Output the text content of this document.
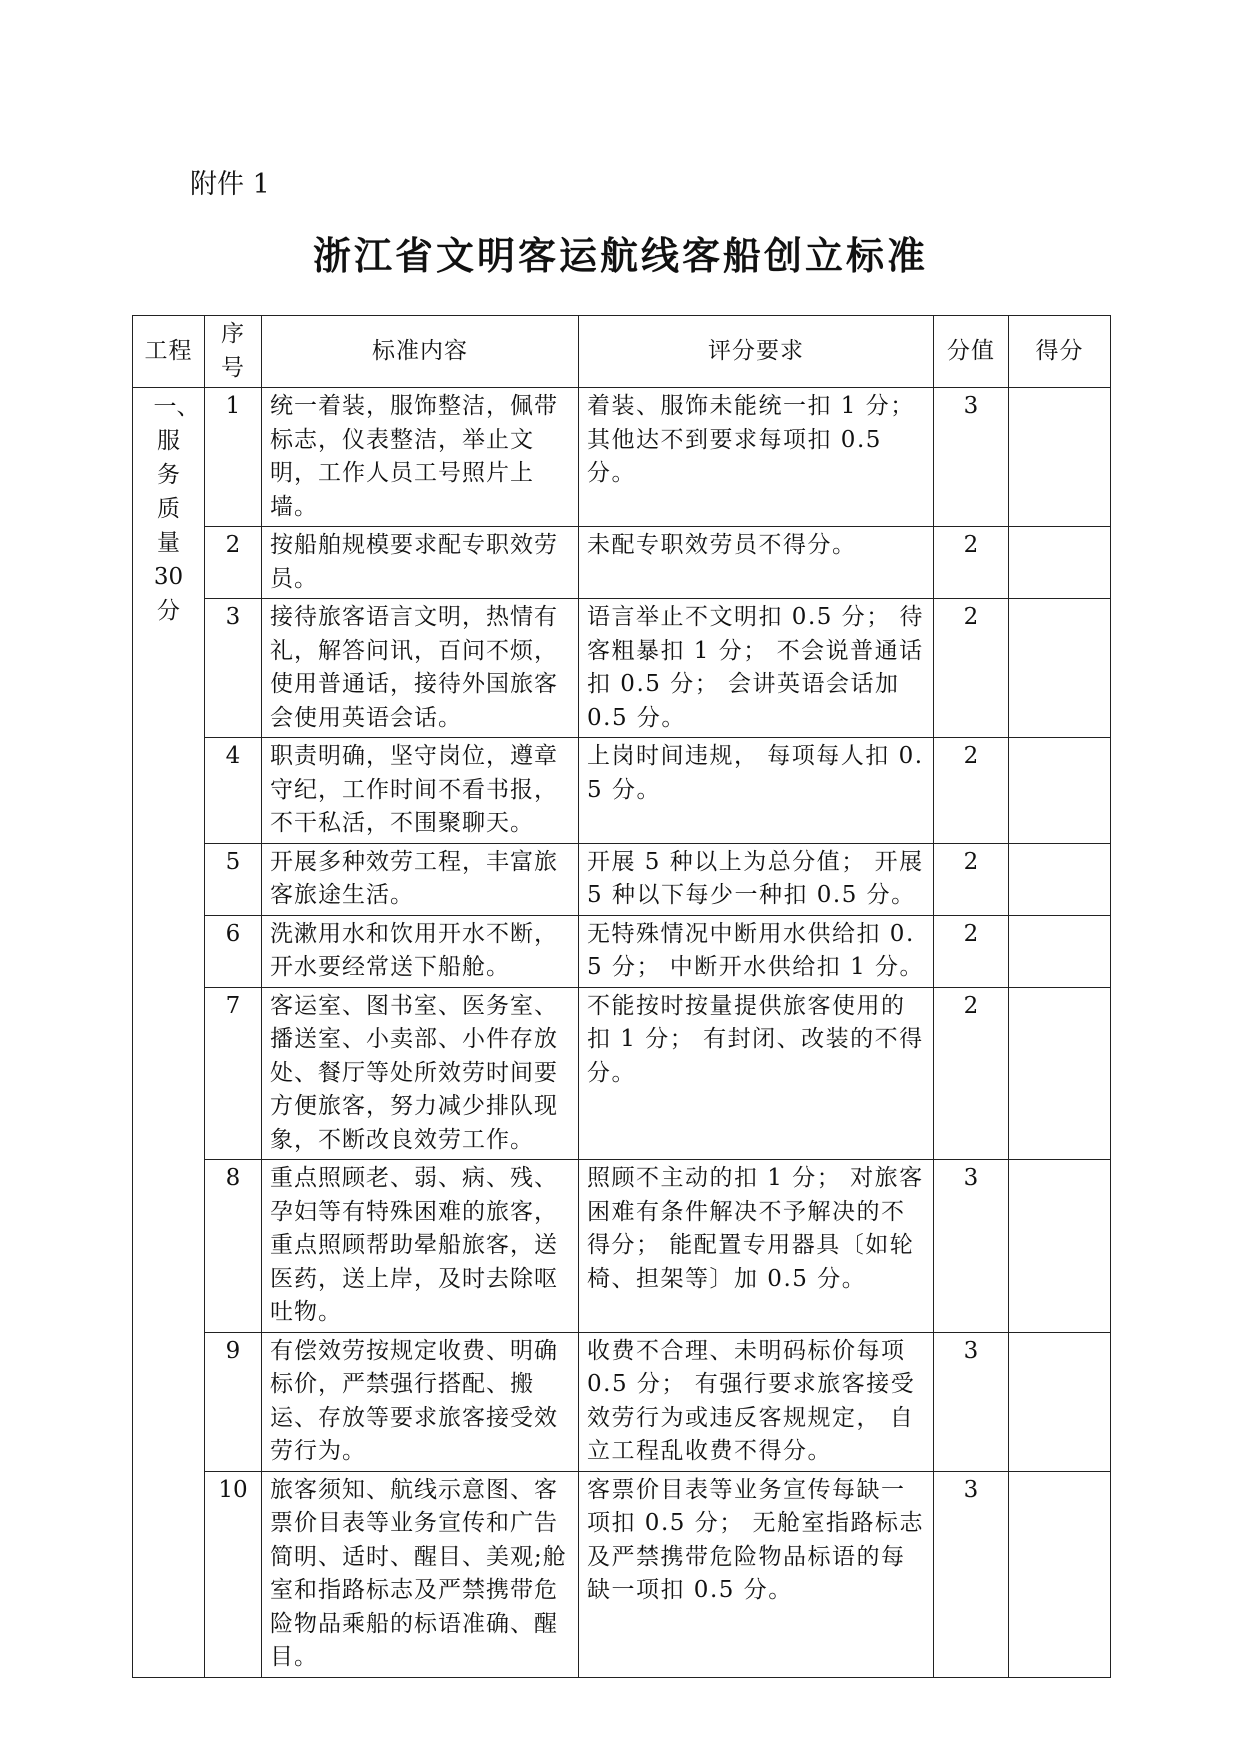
附件 1
浙江省文明客运航线客船创立标准
工程	序号	标准内容	评分要求	分值	得分
一、服务质量30分	1	统一着装，服饰整洁，佩带标志，仪表整洁，举止文明，工作人员工号照片上墙。	着装、服饰未能统一扣 1 分；其他达不到要求每项扣 0.5 分。	3	
	2	按船舶规模要求配专职效劳员。	未配专职效劳员不得分。	2	
	3	接待旅客语言文明，热情有礼，解答问讯，百问不烦，使用普通话，接待外国旅客会使用英语会话。	语言举止不文明扣 0.5 分； 待客粗暴扣 1 分； 不会说普通话扣 0.5 分； 会讲英语会话加 0.5 分。	2	
	4	职责明确，坚守岗位，遵章守纪，工作时间不看书报，不干私活，不围聚聊天。	上岗时间违规， 每项每人扣 0.5 分。	2	
	5	开展多种效劳工程，丰富旅客旅途生活。	开展 5 种以上为总分值； 开展 5 种以下每少一种扣 0.5 分。	2	
	6	洗漱用水和饮用开水不断，开水要经常送下船舱。	无特殊情况中断用水供给扣 0.5 分； 中断开水供给扣 1 分。	2	
	7	客运室、图书室、医务室、播送室、小卖部、小件存放处、餐厅等处所效劳时间要方便旅客，努力减少排队现象，不断改良效劳工作。	不能按时按量提供旅客使用的扣 1 分； 有封闭、改装的不得分。	2	
	8	重点照顾老、弱、病、残、孕妇等有特殊困难的旅客，重点照顾帮助晕船旅客，送医药，送上岸，及时去除呕吐物。	照顾不主动的扣 1 分； 对旅客困难有条件解决不予解决的不得分； 能配置专用器具〔如轮椅、担架等〕加 0.5 分。	3	
	9	有偿效劳按规定收费、明确标价，严禁强行搭配、搬运、存放等要求旅客接受效劳行为。	收费不合理、未明码标价每项 0.5 分； 有强行要求旅客接受效劳行为或违反客规规定， 自立工程乱收费不得分。	3	
	10	旅客须知、航线示意图、客票价目表等业务宣传和广告简明、适时、醒目、美观;舱室和指路标志及严禁携带危险物品乘船的标语准确、醒目。	客票价目表等业务宣传每缺一项扣 0.5 分； 无舱室指路标志及严禁携带危险物品标语的每缺一项扣 0.5 分。	3	
